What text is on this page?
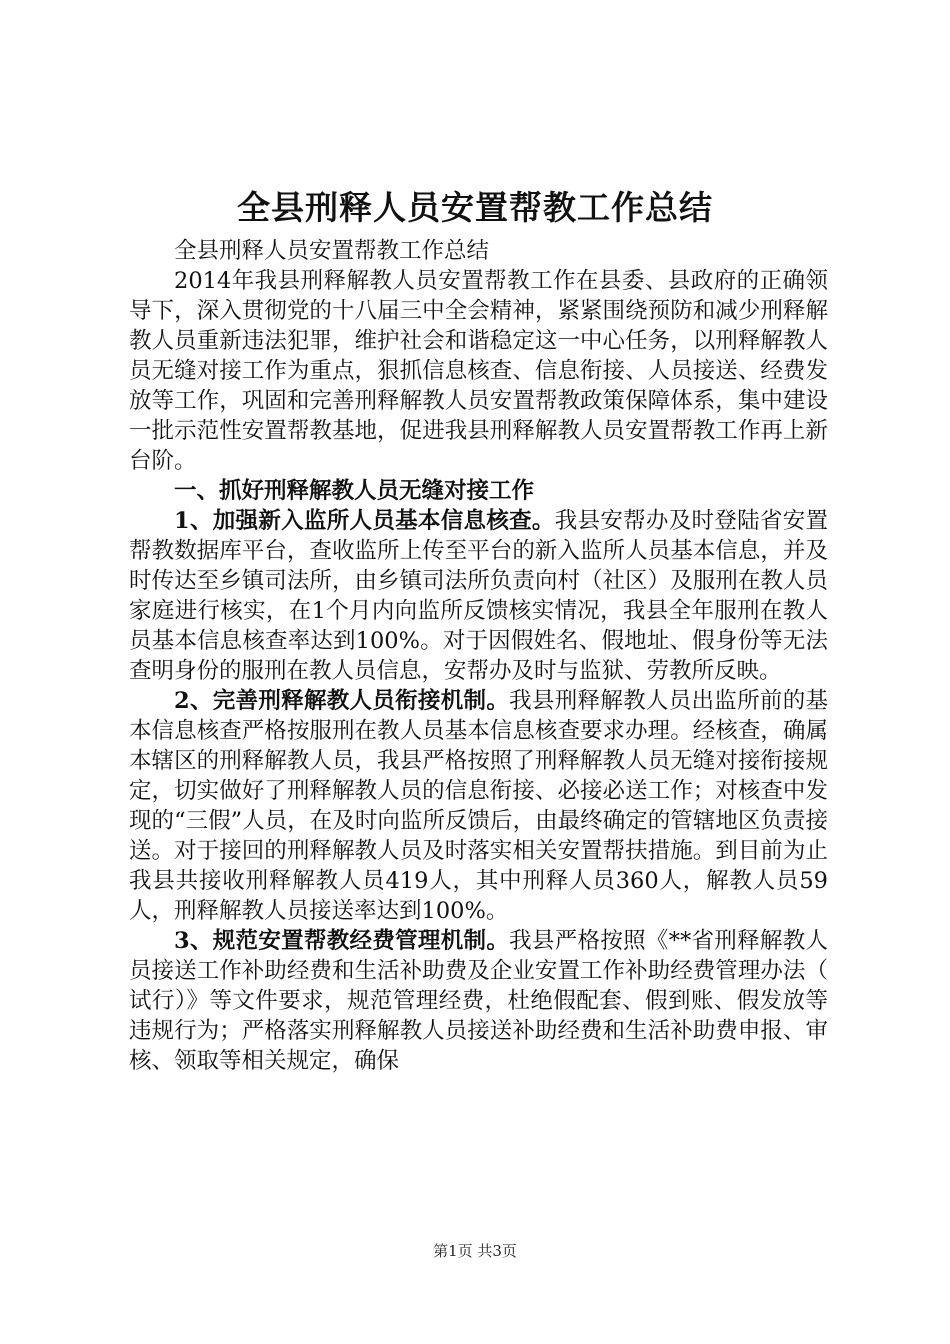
全县刑释人员安置帮教工作总结

全县刑释人员安置帮教工作总结

2014年我县刑释解教人员安置帮教工作在县委、县政府的正确领导下，深入贯彻党的十八届三中全会精神，紧紧围绕预防和减少刑释解教人员重新违法犯罪，维护社会和谐稳定这一中心任务，以刑释解教人员无缝对接工作为重点，狠抓信息核查、信息衔接、人员接送、经费发放等工作，巩固和完善刑释解教人员安置帮教政策保障体系，集中建设一批示范性安置帮教基地，促进我县刑释解教人员安置帮教工作再上新台阶。

一、抓好刑释解教人员无缝对接工作

1、加强新入监所人员基本信息核查。我县安帮办及时登陆省安置帮教数据库平台，查收监所上传至平台的新入监所人员基本信息，并及时传达至乡镇司法所，由乡镇司法所负责向村（社区）及服刑在教人员家庭进行核实，在1个月内向监所反馈核实情况，我县全年服刑在教人员基本信息核查率达到100%。对于因假姓名、假地址、假身份等无法查明身份的服刑在教人员信息，安帮办及时与监狱、劳教所反映。

2、完善刑释解教人员衔接机制。我县刑释解教人员出监所前的基本信息核查严格按服刑在教人员基本信息核查要求办理。经核查，确属本辖区的刑释解教人员，我县严格按照了刑释解教人员无缝对接衔接规定，切实做好了刑释解教人员的信息衔接、必接必送工作；对核查中发现的“三假”人员，在及时向监所反馈后，由最终确定的管辖地区负责接送。对于接回的刑释解教人员及时落实相关安置帮扶措施。到目前为止我县共接收刑释解教人员419人，其中刑释人员360人，解教人员59人，刑释解教人员接送率达到100%。

3、规范安置帮教经费管理机制。我县严格按照《**省刑释解教人员接送工作补助经费和生活补助费及企业安置工作补助经费管理办法（试行）》等文件要求，规范管理经费，杜绝假配套、假到账、假发放等违规行为；严格落实刑释解教人员接送补助经费和生活补助费申报、审核、领取等相关规定，确保

第1页 共3页
